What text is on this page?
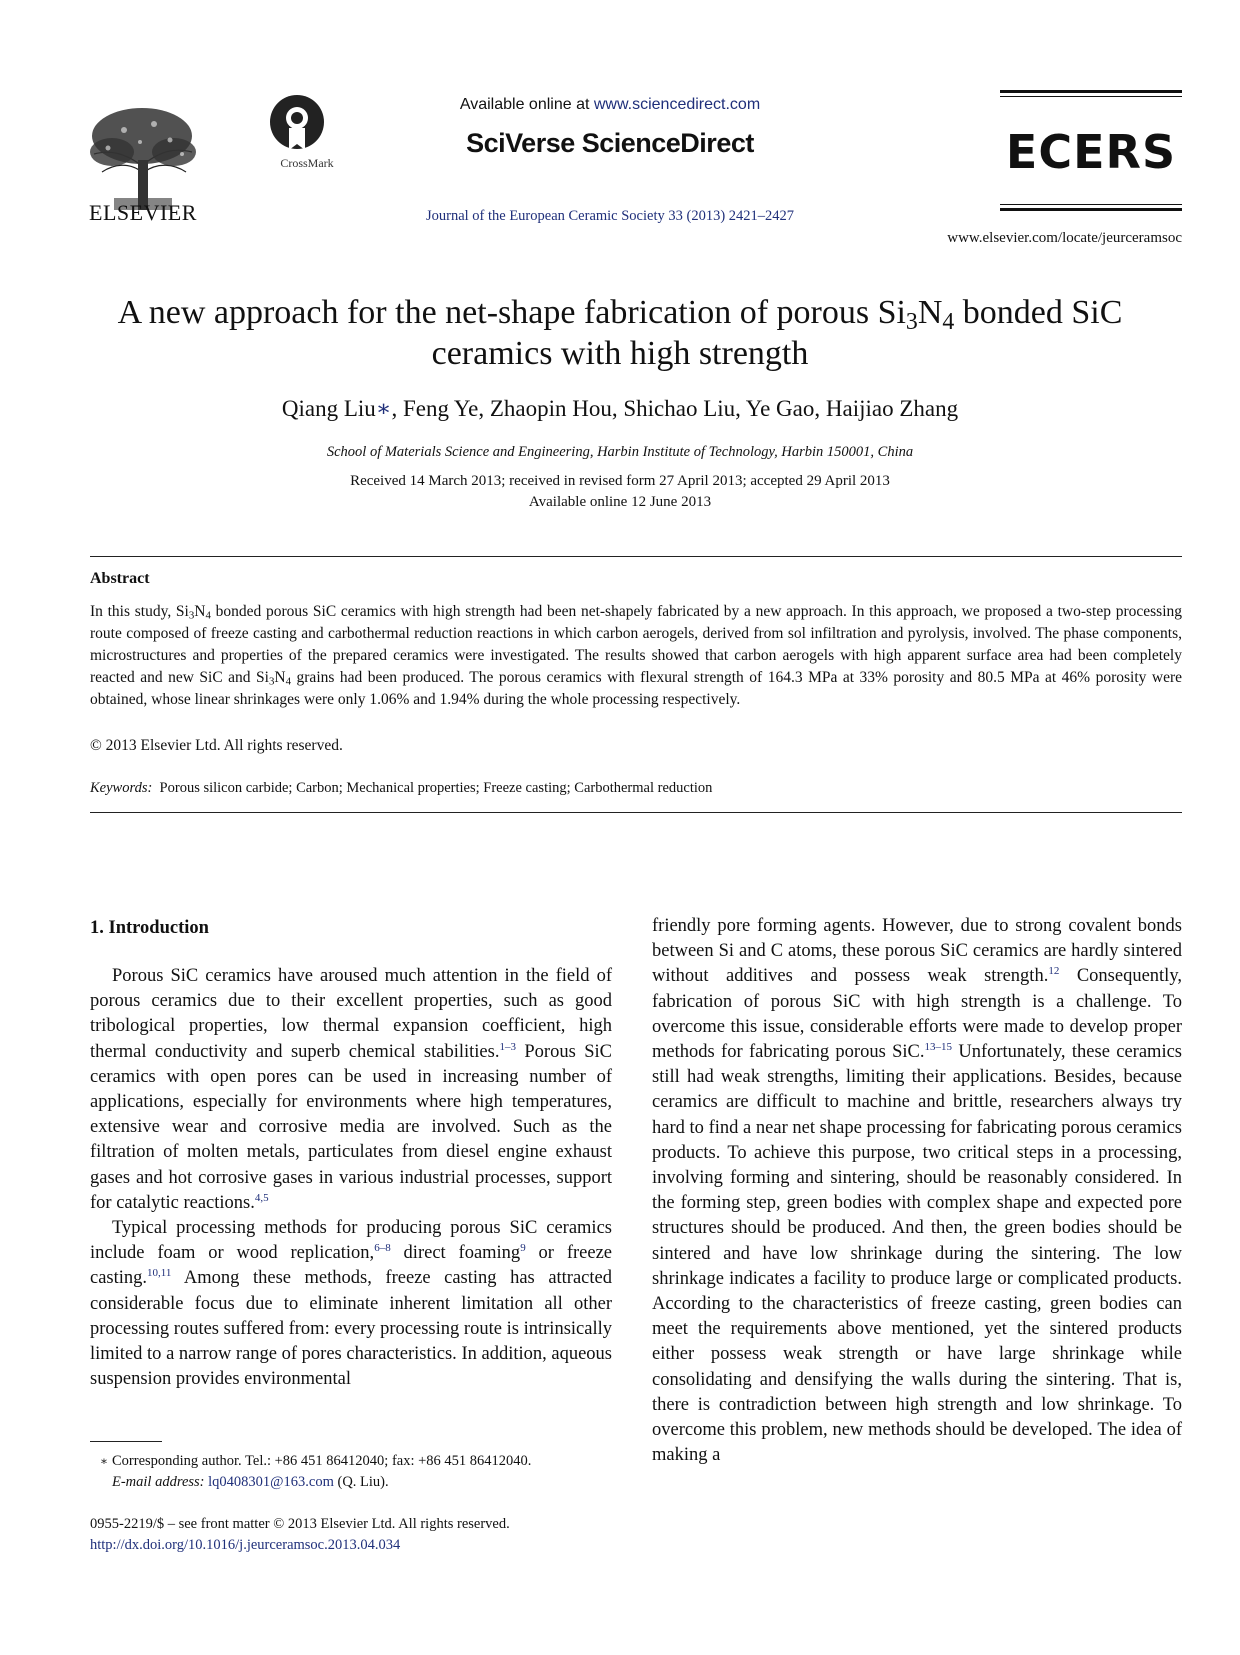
ELSEVIER
CrossMark
Available online at www.sciencedirect.com
SciVerse ScienceDirect
Journal of the European Ceramic Society 33 (2013) 2421–2427
ECERS
www.elsevier.com/locate/jeurceramsoc
A new approach for the net-shape fabrication of porous $Si_3N_4$ bonded SiC
ceramics with high strength
Qiang Liu∗, Feng Ye, Zhaopin Hou, Shichao Liu, Ye Gao, Haijiao Zhang
School of Materials Science and Engineering, Harbin Institute of Technology, Harbin 150001, China
Received 14 March 2013; received in revised form 27 April 2013; accepted 29 April 2013
Available online 12 June 2013
Abstract
In this study, $Si_3N_4$ bonded porous SiC ceramics with high strength had been net-shapely fabricated by a new approach. In this approach, we proposed a two-step processing route composed of freeze casting and carbothermal reduction reactions in which carbon aerogels, derived from sol infiltration and pyrolysis, involved. The phase components, microstructures and properties of the prepared ceramics were investigated. The results showed that carbon aerogels with high apparent surface area had been completely reacted and new SiC and $Si_3N_4$ grains had been produced. The porous ceramics with flexural strength of 164.3 MPa at 33% porosity and 80.5 MPa at 46% porosity were obtained, whose linear shrinkages were only 1.06% and 1.94% during the whole processing respectively.
© 2013 Elsevier Ltd. All rights reserved.
Keywords: Porous silicon carbide; Carbon; Mechanical properties; Freeze casting; Carbothermal reduction
1. Introduction

Porous SiC ceramics have aroused much attention in the field of porous ceramics due to their excellent properties, such as good tribological properties, low thermal expansion coefficient, high thermal conductivity and superb chemical stabilities.$^{1-3}$ Porous SiC ceramics with open pores can be used in increasing number of applications, especially for environments where high temperatures, extensive wear and corrosive media are involved. Such as the filtration of molten metals, particulates from diesel engine exhaust gases and hot corrosive gases in various industrial processes, support for catalytic reactions.$^{4,5}$

Typical processing methods for producing porous SiC ceramics include foam or wood replication,$^{6-8}$ direct foaming$^9$ or freeze casting.$^{10,11}$ Among these methods, freeze casting has attracted considerable focus due to eliminate inherent limitation all other processing routes suffered from: every processing route is intrinsically limited to a narrow range of pores characteristics. In addition, aqueous suspension provides environmental

friendly pore forming agents. However, due to strong covalent bonds between Si and C atoms, these porous SiC ceramics are hardly sintered without additives and possess weak strength.$^{12}$ Consequently, fabrication of porous SiC with high strength is a challenge. To overcome this issue, considerable efforts were made to develop proper methods for fabricating porous SiC.$^{13-15}$ Unfortunately, these ceramics still had weak strengths, limiting their applications. Besides, because ceramics are difficult to machine and brittle, researchers always try hard to find a near net shape processing for fabricating porous ceramics products. To achieve this purpose, two critical steps in a processing, involving forming and sintering, should be reasonably considered. In the forming step, green bodies with complex shape and expected pore structures should be produced. And then, the green bodies should be sintered and have low shrinkage during the sintering. The low shrinkage indicates a facility to produce large or complicated products. According to the characteristics of freeze casting, green bodies can meet the requirements above mentioned, yet the sintered products either possess weak strength or have large shrinkage while consolidating and densifying the walls during the sintering. That is, there is contradiction between high strength and low shrinkage. To overcome this problem, new methods should be developed. The idea of making a

∗ Corresponding author. Tel.: +86 451 86412040; fax: +86 451 86412040.
E-mail address: lq0408301@163.com (Q. Liu).
0955-2219/$ – see front matter © 2013 Elsevier Ltd. All rights reserved.
http://dx.doi.org/10.1016/j.jeurceramsoc.2013.04.034
